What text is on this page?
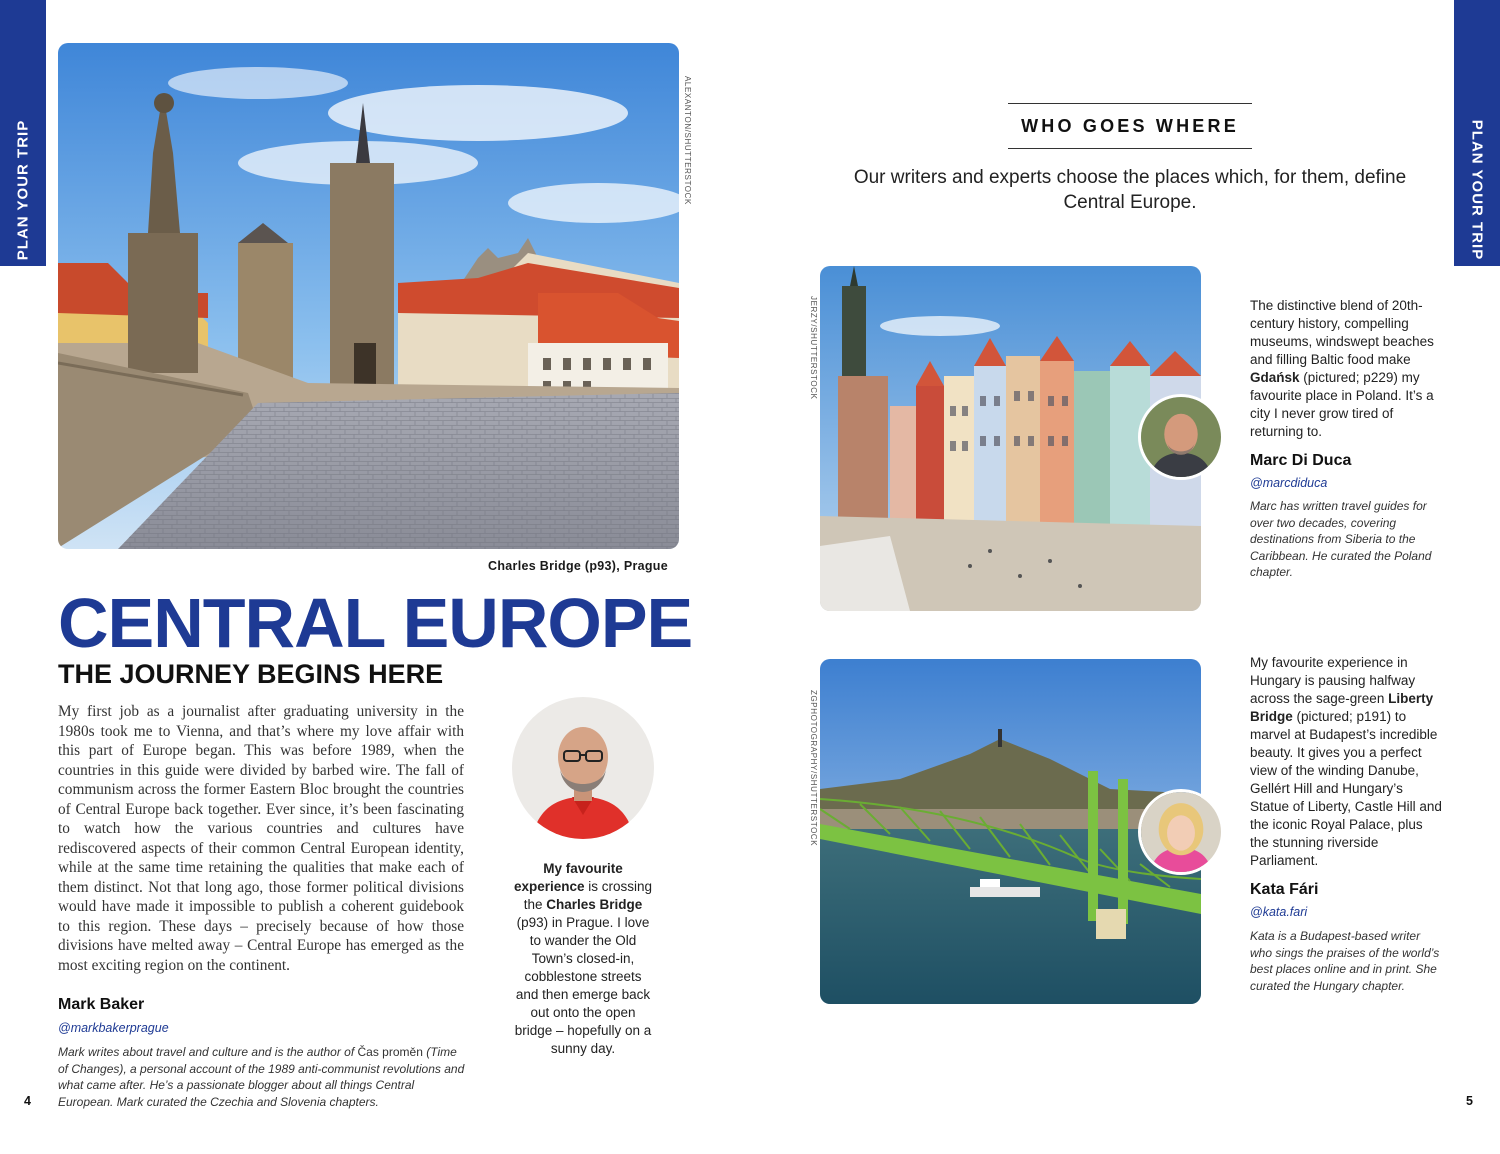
PLAN YOUR TRIP	PLAN YOUR TRIP
ALEXANTON/SHUTTERSTOCK
Charles Bridge (p93), Prague
CENTRAL EUROPE
THE JOURNEY BEGINS HERE
My first job as a journalist after graduating university in the 1980s took me to Vienna, and that’s where my love affair with this part of Europe began. This was before 1989, when the countries in this guide were divided by barbed wire. The fall of communism across the former Eastern Bloc brought the countries of Central Europe back together. Ever since, it’s been fascinating to watch how the various countries and cultures have rediscovered aspects of their common Central European identity, while at the same time retaining the qualities that make each of them distinct. Not that long ago, those former political divisions would have made it impossible to publish a coherent guidebook to this region. These days – precisely because of how those divisions have melted away – Central Europe has emerged as the most exciting region on the continent.
Mark Baker
@markbakerprague
Mark writes about travel and culture and is the author of Čas proměn (Time of Changes), a personal account of the 1989 anti-communist revolutions and what came after. He’s a passionate blogger about all things Central European. Mark curated the Czechia and Slovenia chapters.
My favourite experience is crossing the Charles Bridge (p93) in Prague. I love to wander the Old Town’s closed-in, cobblestone streets and then emerge back out onto the open bridge – hopefully on a sunny day.
WHO GOES WHERE
Our writers and experts choose the places which, for them, define Central Europe.
JERZY/SHUTTERSTOCK	The distinctive blend of 20th-century history, compelling museums, windswept beaches and filling Baltic food make Gdańsk (pictured; p229) my favourite place in Poland. It’s a city I never grow tired of returning to.
Marc Di Duca
@marcdiduca
Marc has written travel guides for over two decades, covering destinations from Siberia to the Caribbean. He curated the Poland chapter.
ZGPHOTOGRAPHY/SHUTTERSTOCK
My favourite experience in Hungary is pausing halfway across the sage-green Liberty Bridge (pictured; p191) to marvel at Budapest’s incredible beauty. It gives you a perfect view of the winding Danube, Gellért Hill and Hungary’s Statue of Liberty, Castle Hill and the iconic Royal Palace, plus the stunning riverside Parliament.
Kata Fári
@kata.fari
Kata is a Budapest-based writer who sings the praises of the world’s best places online and in print. She curated the Hungary chapter.
4	5
